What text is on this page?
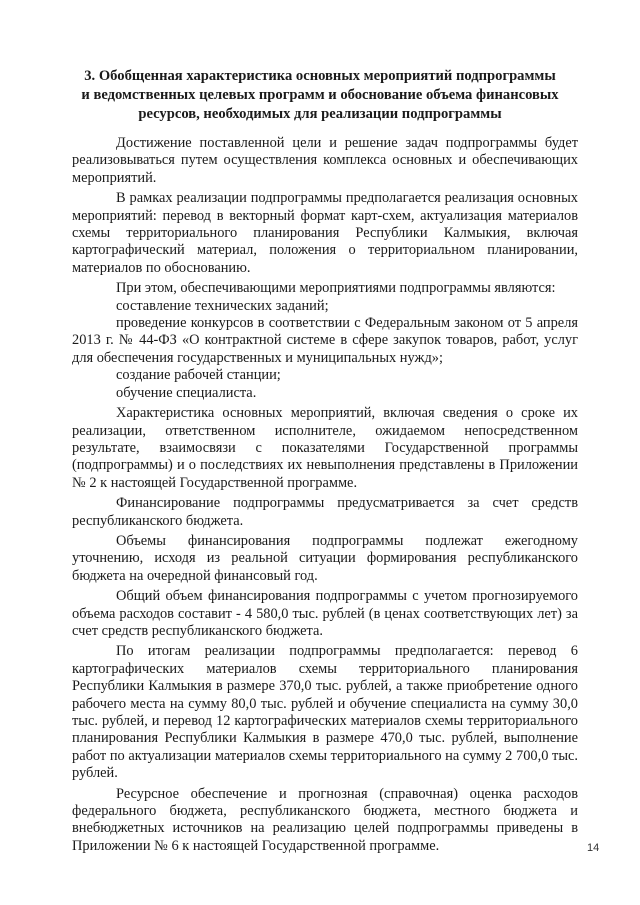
3. Обобщенная характеристика основных мероприятий подпрограммы и ведомственных целевых программ и обоснование объема финансовых ресурсов, необходимых для реализации подпрограммы

Достижение поставленной цели и решение задач подпрограммы будет реализовываться путем осуществления комплекса основных и обеспечивающих мероприятий.

В рамках реализации подпрограммы предполагается реализация основных мероприятий: перевод в векторный формат карт-схем, актуализация материалов схемы территориального планирования Республики Калмыкия, включая картографический материал, положения о территориальном планировании, материалов по обоснованию.

При этом, обеспечивающими мероприятиями подпрограммы являются:

составление технических заданий;

проведение конкурсов в соответствии с Федеральным законом от 5 апреля 2013 г. № 44-ФЗ «О контрактной системе в сфере закупок товаров, работ, услуг для обеспечения государственных и муниципальных нужд»;

создание рабочей станции;

обучение специалиста.

Характеристика основных мероприятий, включая сведения о сроке их реализации, ответственном исполнителе, ожидаемом непосредственном результате, взаимосвязи с показателями Государственной программы (подпрограммы) и о последствиях их невыполнения представлены в Приложении № 2 к настоящей Государственной программе.

Финансирование подпрограммы предусматривается за счет средств республиканского бюджета.

Объемы финансирования подпрограммы подлежат ежегодному уточнению, исходя из реальной ситуации формирования республиканского бюджета на очередной финансовый год.

Общий объем финансирования подпрограммы с учетом прогнозируемого объема расходов составит - 4 580,0 тыс. рублей (в ценах соответствующих лет) за счет средств республиканского бюджета.

По итогам реализации подпрограммы предполагается: перевод 6 картографических материалов схемы территориального планирования Республики Калмыкия в размере 370,0 тыс. рублей, а также приобретение одного рабочего места на сумму 80,0 тыс. рублей и обучение специалиста на сумму 30,0 тыс. рублей, и перевод 12 картографических материалов схемы территориального планирования Республики Калмыкия в размере 470,0 тыс. рублей, выполнение работ по актуализации материалов схемы территориального на сумму 2 700,0 тыс. рублей.

Ресурсное обеспечение и прогнозная (справочная) оценка расходов федерального бюджета, республиканского бюджета, местного бюджета и внебюджетных источников на реализацию целей подпрограммы приведены в Приложении № 6 к настоящей Государственной программе.	14
